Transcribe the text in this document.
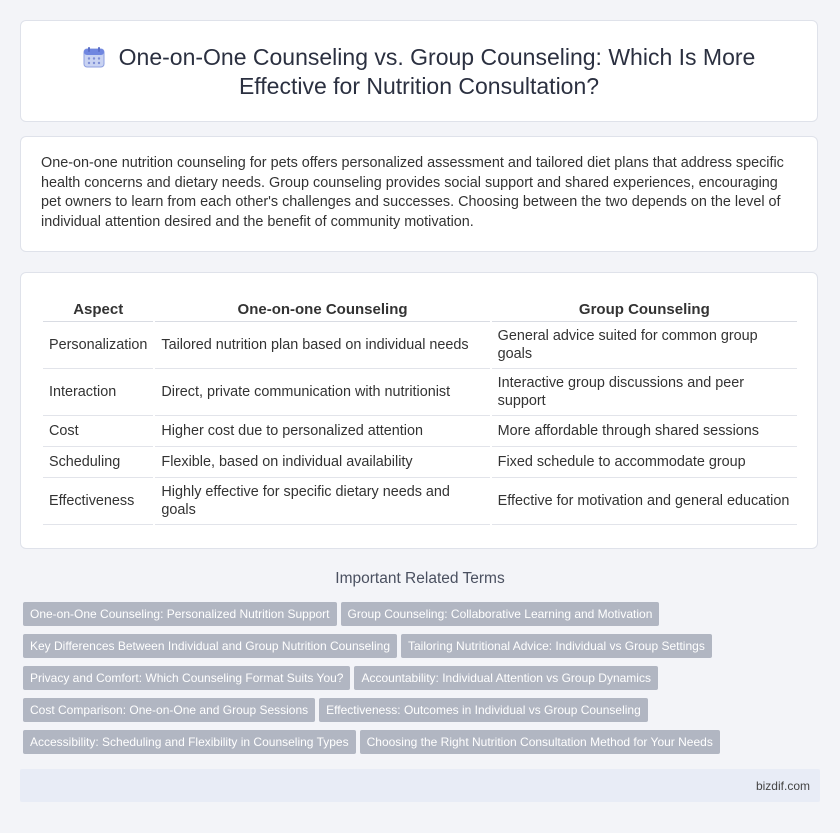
One-on-One Counseling vs. Group Counseling: Which Is More
Effective for Nutrition Consultation?

One-on-one nutrition counseling for pets offers personalized assessment and tailored diet plans that address specific health concerns and dietary needs. Group counseling provides social support and shared experiences, encouraging pet owners to learn from each other's challenges and successes. Choosing between the two depends on the level of individual attention desired and the benefit of community motivation.

Aspect	One-on-one Counseling	Group Counseling
Personalization	Tailored nutrition plan based on individual needs	General advice suited for common group goals
Interaction	Direct, private communication with nutritionist	Interactive group discussions and peer support
Cost	Higher cost due to personalized attention	More affordable through shared sessions
Scheduling	Flexible, based on individual availability	Fixed schedule to accommodate group
Effectiveness	Highly effective for specific dietary needs and goals	Effective for motivation and general education
Important Related Terms
One-on-One Counseling: Personalized Nutrition Support Group Counseling: Collaborative Learning and Motivation
Key Differences Between Individual and Group Nutrition Counseling Tailoring Nutritional Advice: Individual vs Group Settings
Privacy and Comfort: Which Counseling Format Suits You? Accountability: Individual Attention vs Group Dynamics
Cost Comparison: One-on-One and Group Sessions Effectiveness: Outcomes in Individual vs Group Counseling
Accessibility: Scheduling and Flexibility in Counseling Types Choosing the Right Nutrition Consultation Method for Your Needs
bizdif.com
